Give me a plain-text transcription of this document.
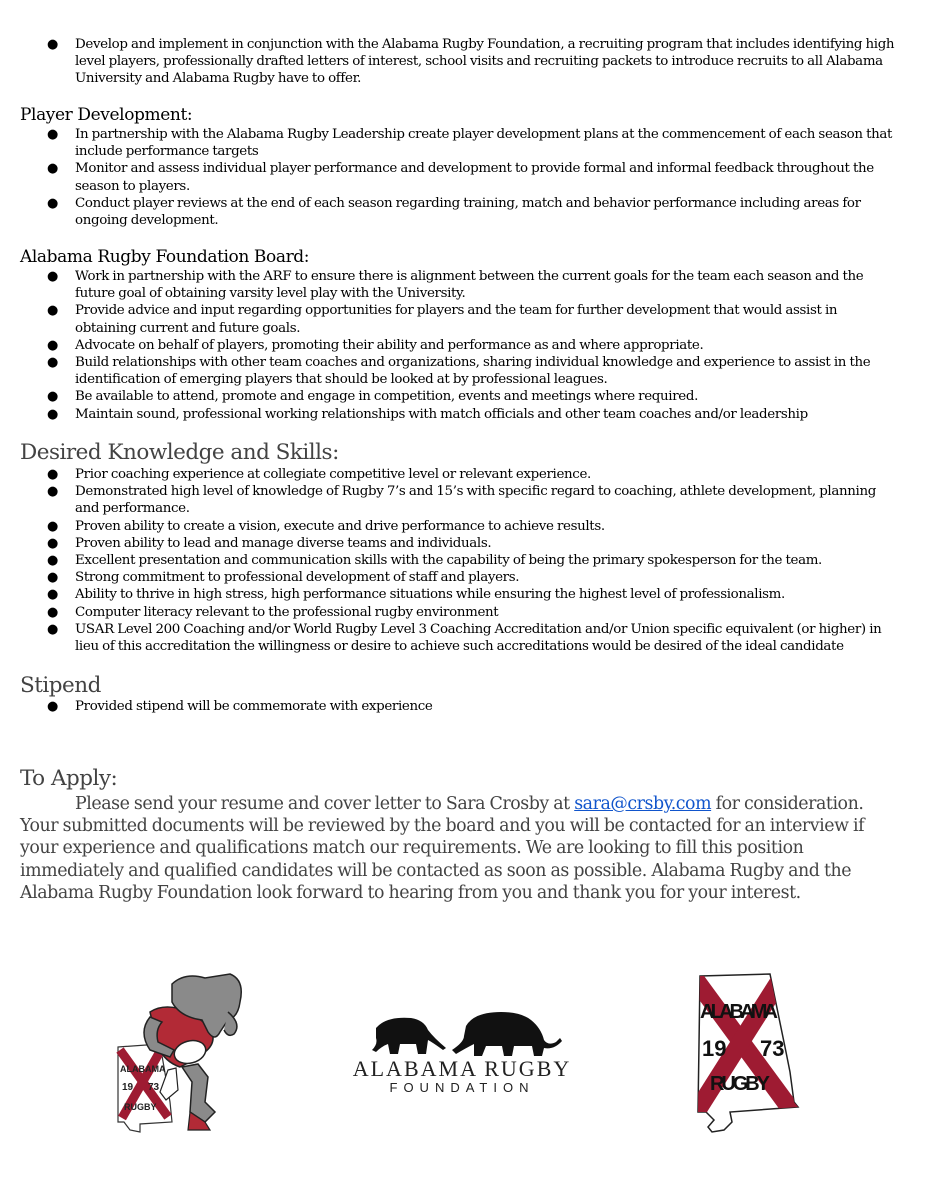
● Develop and implement in conjunction with the Alabama Rugby Foundation, a recruiting program that includes identifying high level players, professionally drafted letters of interest, school visits and recruiting packets to introduce recruits to all Alabama University and Alabama Rugby have to offer.
Player Development:
● In partnership with the Alabama Rugby Leadership create player development plans at the commencement of each season that include performance targets
● Monitor and assess individual player performance and development to provide formal and informal feedback throughout the season to players.
● Conduct player reviews at the end of each season regarding training, match and behavior performance including areas for ongoing development.
Alabama Rugby Foundation Board:
● Work in partnership with the ARF to ensure there is alignment between the current goals for the team each season and the future goal of obtaining varsity level play with the University.
● Provide advice and input regarding opportunities for players and the team for further development that would assist in obtaining current and future goals.
● Advocate on behalf of players, promoting their ability and performance as and where appropriate.
● Build relationships with other team coaches and organizations, sharing individual knowledge and experience to assist in the identification of emerging players that should be looked at by professional leagues.
● Be available to attend, promote and engage in competition, events and meetings where required.
● Maintain sound, professional working relationships with match officials and other team coaches and/or leadership
Desired Knowledge and Skills:
● Prior coaching experience at collegiate competitive level or relevant experience.
● Demonstrated high level of knowledge of Rugby 7’s and 15’s with specific regard to coaching, athlete development, planning and performance.
● Proven ability to create a vision, execute and drive performance to achieve results.
● Proven ability to lead and manage diverse teams and individuals.
● Excellent presentation and communication skills with the capability of being the primary spokesperson for the team.
● Strong commitment to professional development of staff and players.
● Ability to thrive in high stress, high performance situations while ensuring the highest level of professionalism.
● Computer literacy relevant to the professional rugby environment
● USAR Level 200 Coaching and/or World Rugby Level 3 Coaching Accreditation and/or Union specific equivalent (or higher) in lieu of this accreditation the willingness or desire to achieve such accreditations would be desired of the ideal candidate
Stipend
● Provided stipend will be commemorate with experience
To Apply:
Please send your resume and cover letter to Sara Crosby at sara@crsby.com for consideration. Your submitted documents will be reviewed by the board and you will be contacted for an interview if your experience and qualifications match our requirements. We are looking to fill this position immediately and qualified candidates will be contacted as soon as possible. Alabama Rugby and the Alabama Rugby Foundation look forward to hearing from you and thank you for your interest.
ALABAMA
19 73
RUGBY
ALABAMA RUGBY
FOUNDATION
ALABAMA
19 73
RUGBY
